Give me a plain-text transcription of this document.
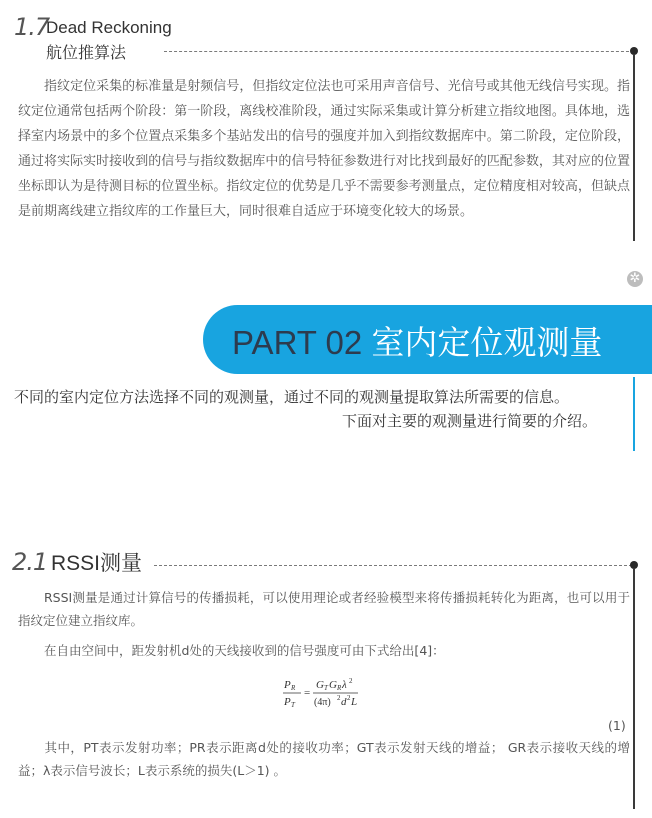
1.7
Dead Reckoning
航位推算法

指纹定位采集的标准量是射频信号，但指纹定位法也可采用声音信号、光信号或其他无线信号实现。指纹定位通常包括两个阶段：第一阶段，离线校准阶段，通过实际采集或计算分析建立指纹地图。具体地，选择室内场景中的多个位置点采集多个基站发出的信号的强度并加入到指纹数据库中。第二阶段，定位阶段，通过将实际实时接收到的信号与指纹数据库中的信号特征参数进行对比找到最好的匹配参数，其对应的位置坐标即认为是待测目标的位置坐标。指纹定位的优势是几乎不需要参考测量点，定位精度相对较高，但缺点是前期离线建立指纹库的工作量巨大，同时很难自适应于环境变化较大的场景。

✲
PART 02 室内定位观测量
不同的室内定位方法选择不同的观测量，通过不同的观测量提取算法所需要的信息。
下面对主要的观测量进行简要的介绍。
2.1 RSSI测量

RSSI测量是通过计算信号的传播损耗，可以使用理论或者经验模型来将传播损耗转化为距离，也可以用于指纹定位建立指纹库。

在自由空间中，距发射机d处的天线接收到的信号强度可由下式给出[4]：

P R
P T
=
G T G R λ 2
(4π) 2 d 2 L
(1)

其中，PT表示发射功率；PR表示距离d处的接收功率；GT表示发射天线的增益； GR表示接收天线的增益；λ表示信号波长；L表示系统的损失(L＞1) 。
